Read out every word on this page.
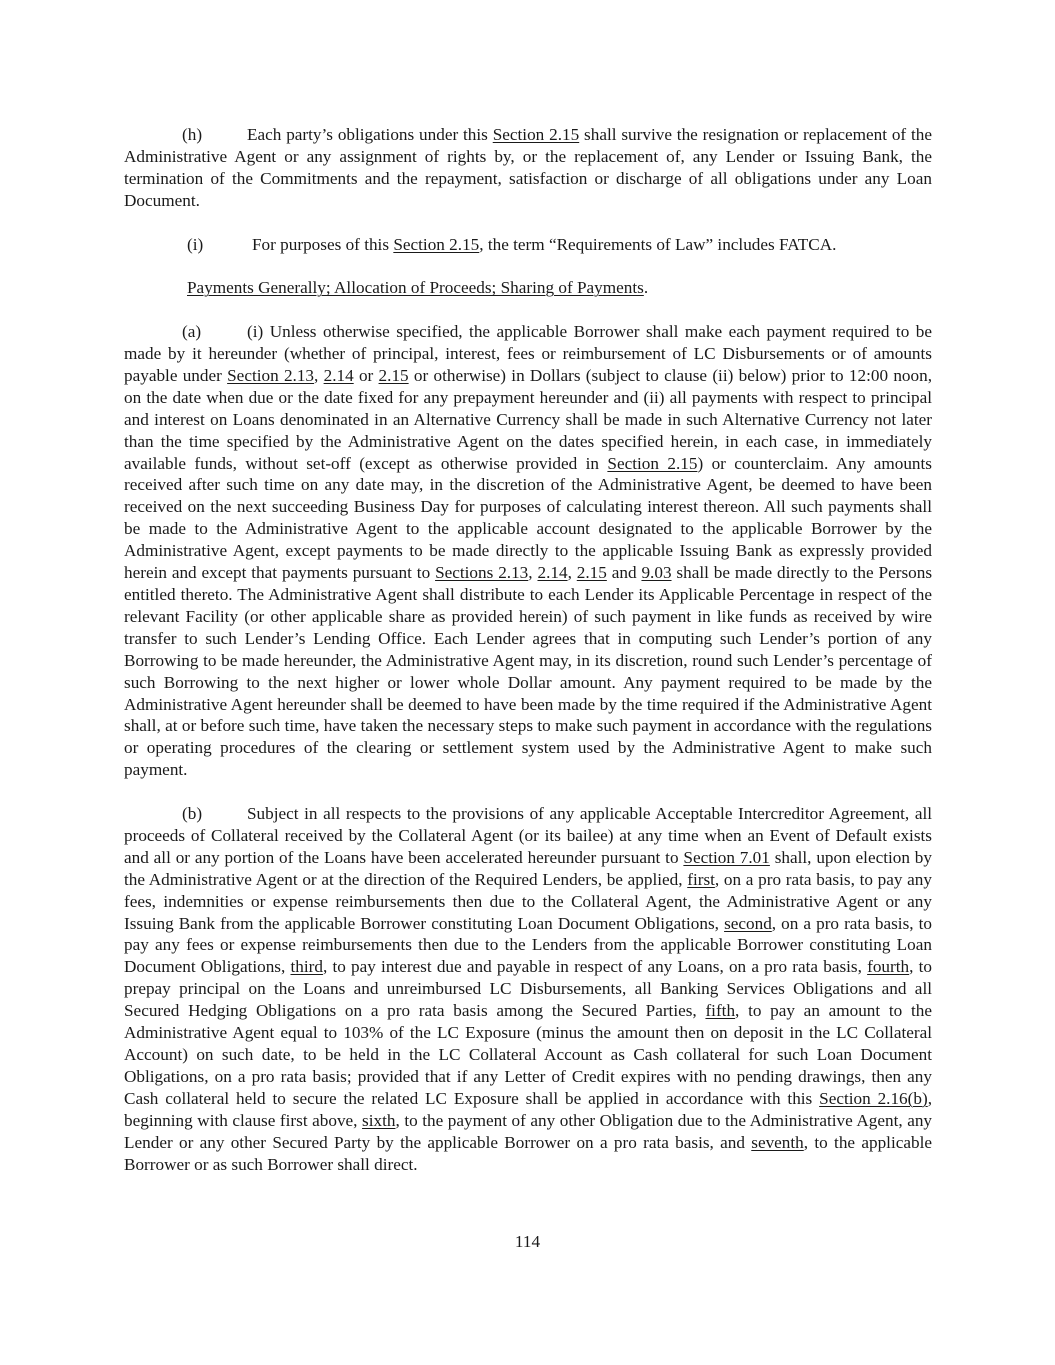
(h)	Each party’s obligations under this Section 2.15 shall survive the resignation or replacement of the Administrative Agent or any assignment of rights by, or the replacement of, any Lender or Issuing Bank, the termination of the Commitments and the repayment, satisfaction or discharge of all obligations under any Loan Document.

(i)	For purposes of this Section 2.15, the term “Requirements of Law” includes FATCA.

Payments Generally; Allocation of Proceeds; Sharing of Payments.

(a)	(i) Unless otherwise specified, the applicable Borrower shall make each payment required to be made by it hereunder (whether of principal, interest, fees or reimbursement of LC Disbursements or of amounts payable under Section 2.13, 2.14 or 2.15 or otherwise) in Dollars (subject to clause (ii) below) prior to 12:00 noon, on the date when due or the date fixed for any prepayment hereunder and (ii) all payments with respect to principal and interest on Loans denominated in an Alternative Currency shall be made in such Alternative Currency not later than the time specified by the Administrative Agent on the dates specified herein, in each case, in immediately available funds, without set-off (except as otherwise provided in Section 2.15) or counterclaim. Any amounts received after such time on any date may, in the discretion of the Administrative Agent, be deemed to have been received on the next succeeding Business Day for purposes of calculating interest thereon. All such payments shall be made to the Administrative Agent to the applicable account designated to the applicable Borrower by the Administrative Agent, except payments to be made directly to the applicable Issuing Bank as expressly provided herein and except that payments pursuant to Sections 2.13, 2.14, 2.15 and 9.03 shall be made directly to the Persons entitled thereto. The Administrative Agent shall distribute to each Lender its Applicable Percentage in respect of the relevant Facility (or other applicable share as provided herein) of such payment in like funds as received by wire transfer to such Lender’s Lending Office. Each Lender agrees that in computing such Lender’s portion of any Borrowing to be made hereunder, the Administrative Agent may, in its discretion, round such Lender’s percentage of such Borrowing to the next higher or lower whole Dollar amount. Any payment required to be made by the Administrative Agent hereunder shall be deemed to have been made by the time required if the Administrative Agent shall, at or before such time, have taken the necessary steps to make such payment in accordance with the regulations or operating procedures of the clearing or settlement system used by the Administrative Agent to make such payment.

(b)	Subject in all respects to the provisions of any applicable Acceptable Intercreditor Agreement, all proceeds of Collateral received by the Collateral Agent (or its bailee) at any time when an Event of Default exists and all or any portion of the Loans have been accelerated hereunder pursuant to Section 7.01 shall, upon election by the Administrative Agent or at the direction of the Required Lenders, be applied, first, on a pro rata basis, to pay any fees, indemnities or expense reimbursements then due to the Collateral Agent, the Administrative Agent or any Issuing Bank from the applicable Borrower constituting Loan Document Obligations, second, on a pro rata basis, to pay any fees or expense reimbursements then due to the Lenders from the applicable Borrower constituting Loan Document Obligations, third, to pay interest due and payable in respect of any Loans, on a pro rata basis, fourth, to prepay principal on the Loans and unreimbursed LC Disbursements, all Banking Services Obligations and all Secured Hedging Obligations on a pro rata basis among the Secured Parties, fifth, to pay an amount to the Administrative Agent equal to 103% of the LC Exposure (minus the amount then on deposit in the LC Collateral Account) on such date, to be held in the LC Collateral Account as Cash collateral for such Loan Document Obligations, on a pro rata basis; provided that if any Letter of Credit expires with no pending drawings, then any Cash collateral held to secure the related LC Exposure shall be applied in accordance with this Section 2.16(b), beginning with clause first above, sixth, to the payment of any other Obligation due to the Administrative Agent, any Lender or any other Secured Party by the applicable Borrower on a pro rata basis, and seventh, to the applicable Borrower or as such Borrower shall direct.

114
